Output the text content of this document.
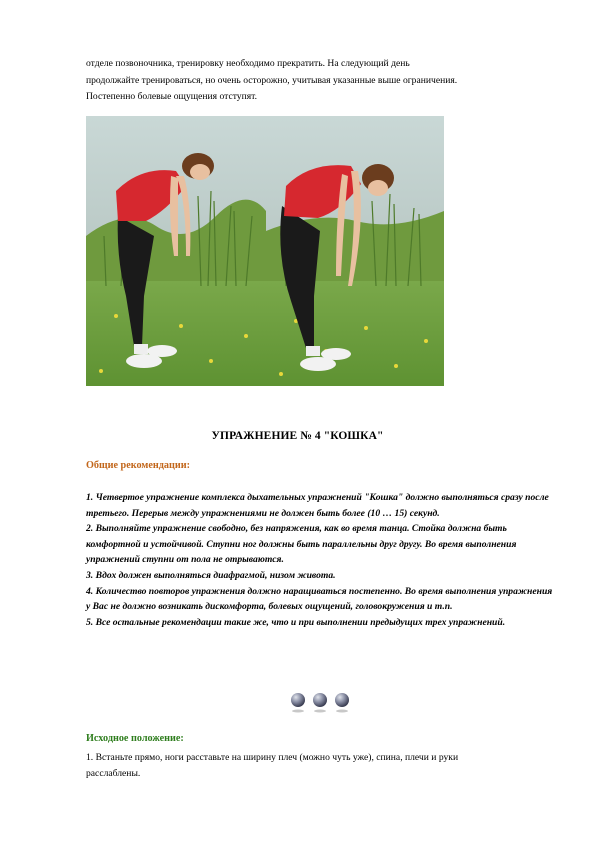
отделе позвоночника, тренировку необходимо прекратить. На следующий день

продолжайте тренироваться, но очень осторожно, учитывая указанные выше ограничения.

Постепенно болевые ощущения отступят.

УПРАЖНЕНИЕ № 4 "КОШКА"
Общие рекомендации:

1. Четвертое упражнение комплекса дыхательных упражнений "Кошка" должно выполняться сразу после третьего. Перерыв между упражнениями не должен быть более (10 … 15) секунд.

2. Выполняйте упражнение свободно, без напряжения, как во время танца. Стойка должна быть комфортной и устойчивой. Ступни ног должны быть параллельны друг другу. Во время выполнения упражнений ступни от пола не отрываются.

3. Вдох должен выполняться диафрагмой, низом живота.

4. Количество повторов упражнения должно наращиваться постепенно. Во время выполнения упражнения у Вас не должно возникать дискомфорта, болевых ощущений, головокружения и т.п.

5. Все остальные рекомендации такие же, что и при выполнении предыдущих трех упражнений.

Исходное положение:

1. Встаньте прямо, ноги расставьте на ширину плеч (можно чуть уже), спина, плечи и руки

расслаблены.
